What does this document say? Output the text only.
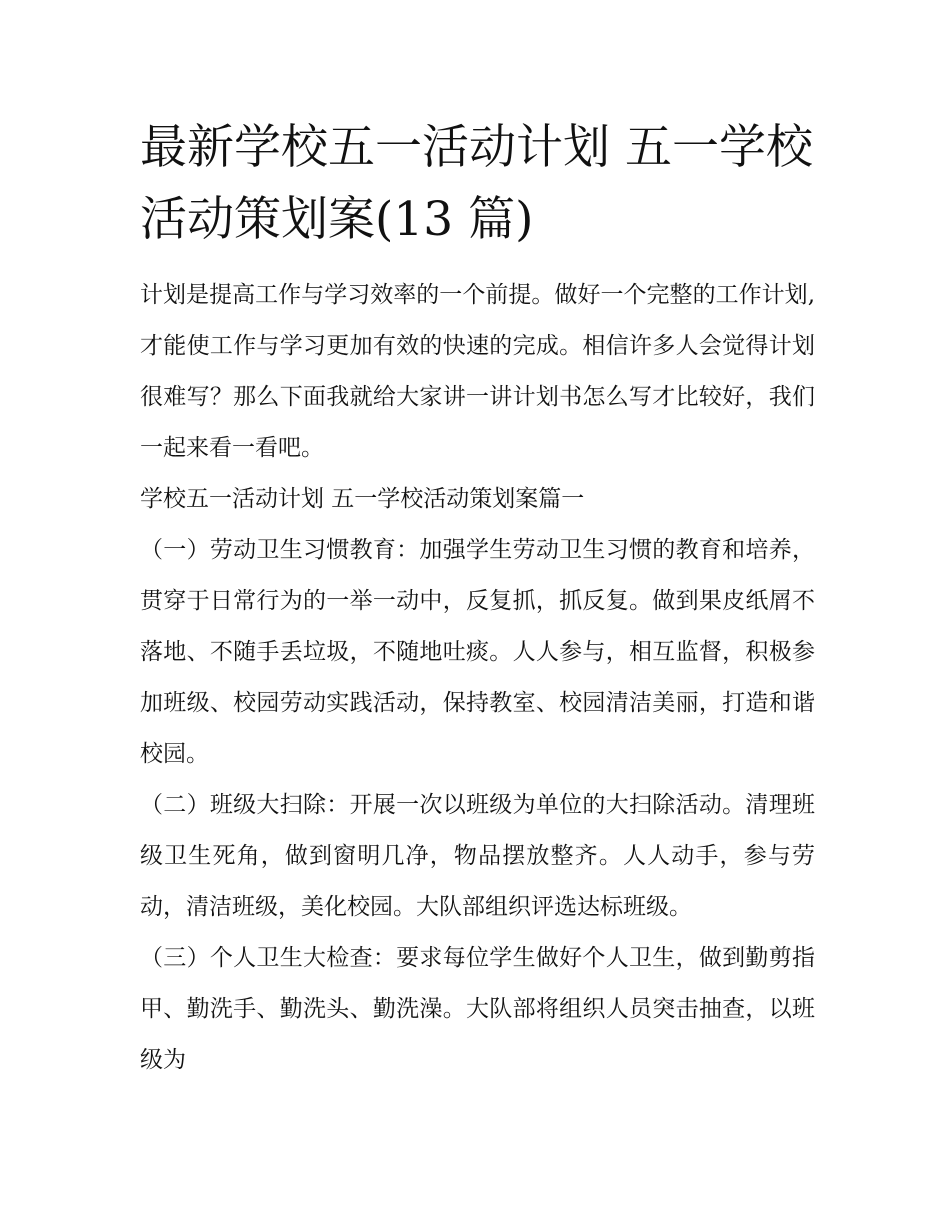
最新学校五一活动计划 五一学校活动策划案(13 篇)

计划是提高工作与学习效率的一个前提。做好一个完整的工作计划,才能使工作与学习更加有效的快速的完成。相信许多人会觉得计划很难写？那么下面我就给大家讲一讲计划书怎么写才比较好，我们一起来看一看吧。

学校五一活动计划 五一学校活动策划案篇一

（一）劳动卫生习惯教育：加强学生劳动卫生习惯的教育和培养，贯穿于日常行为的一举一动中，反复抓，抓反复。做到果皮纸屑不落地、不随手丢垃圾，不随地吐痰。人人参与，相互监督，积极参加班级、校园劳动实践活动，保持教室、校园清洁美丽，打造和谐校园。

（二）班级大扫除：开展一次以班级为单位的大扫除活动。清理班级卫生死角，做到窗明几净，物品摆放整齐。人人动手，参与劳动，清洁班级，美化校园。大队部组织评选达标班级。

（三）个人卫生大检查：要求每位学生做好个人卫生，做到勤剪指甲、勤洗手、勤洗头、勤洗澡。大队部将组织人员突击抽查，以班级为
